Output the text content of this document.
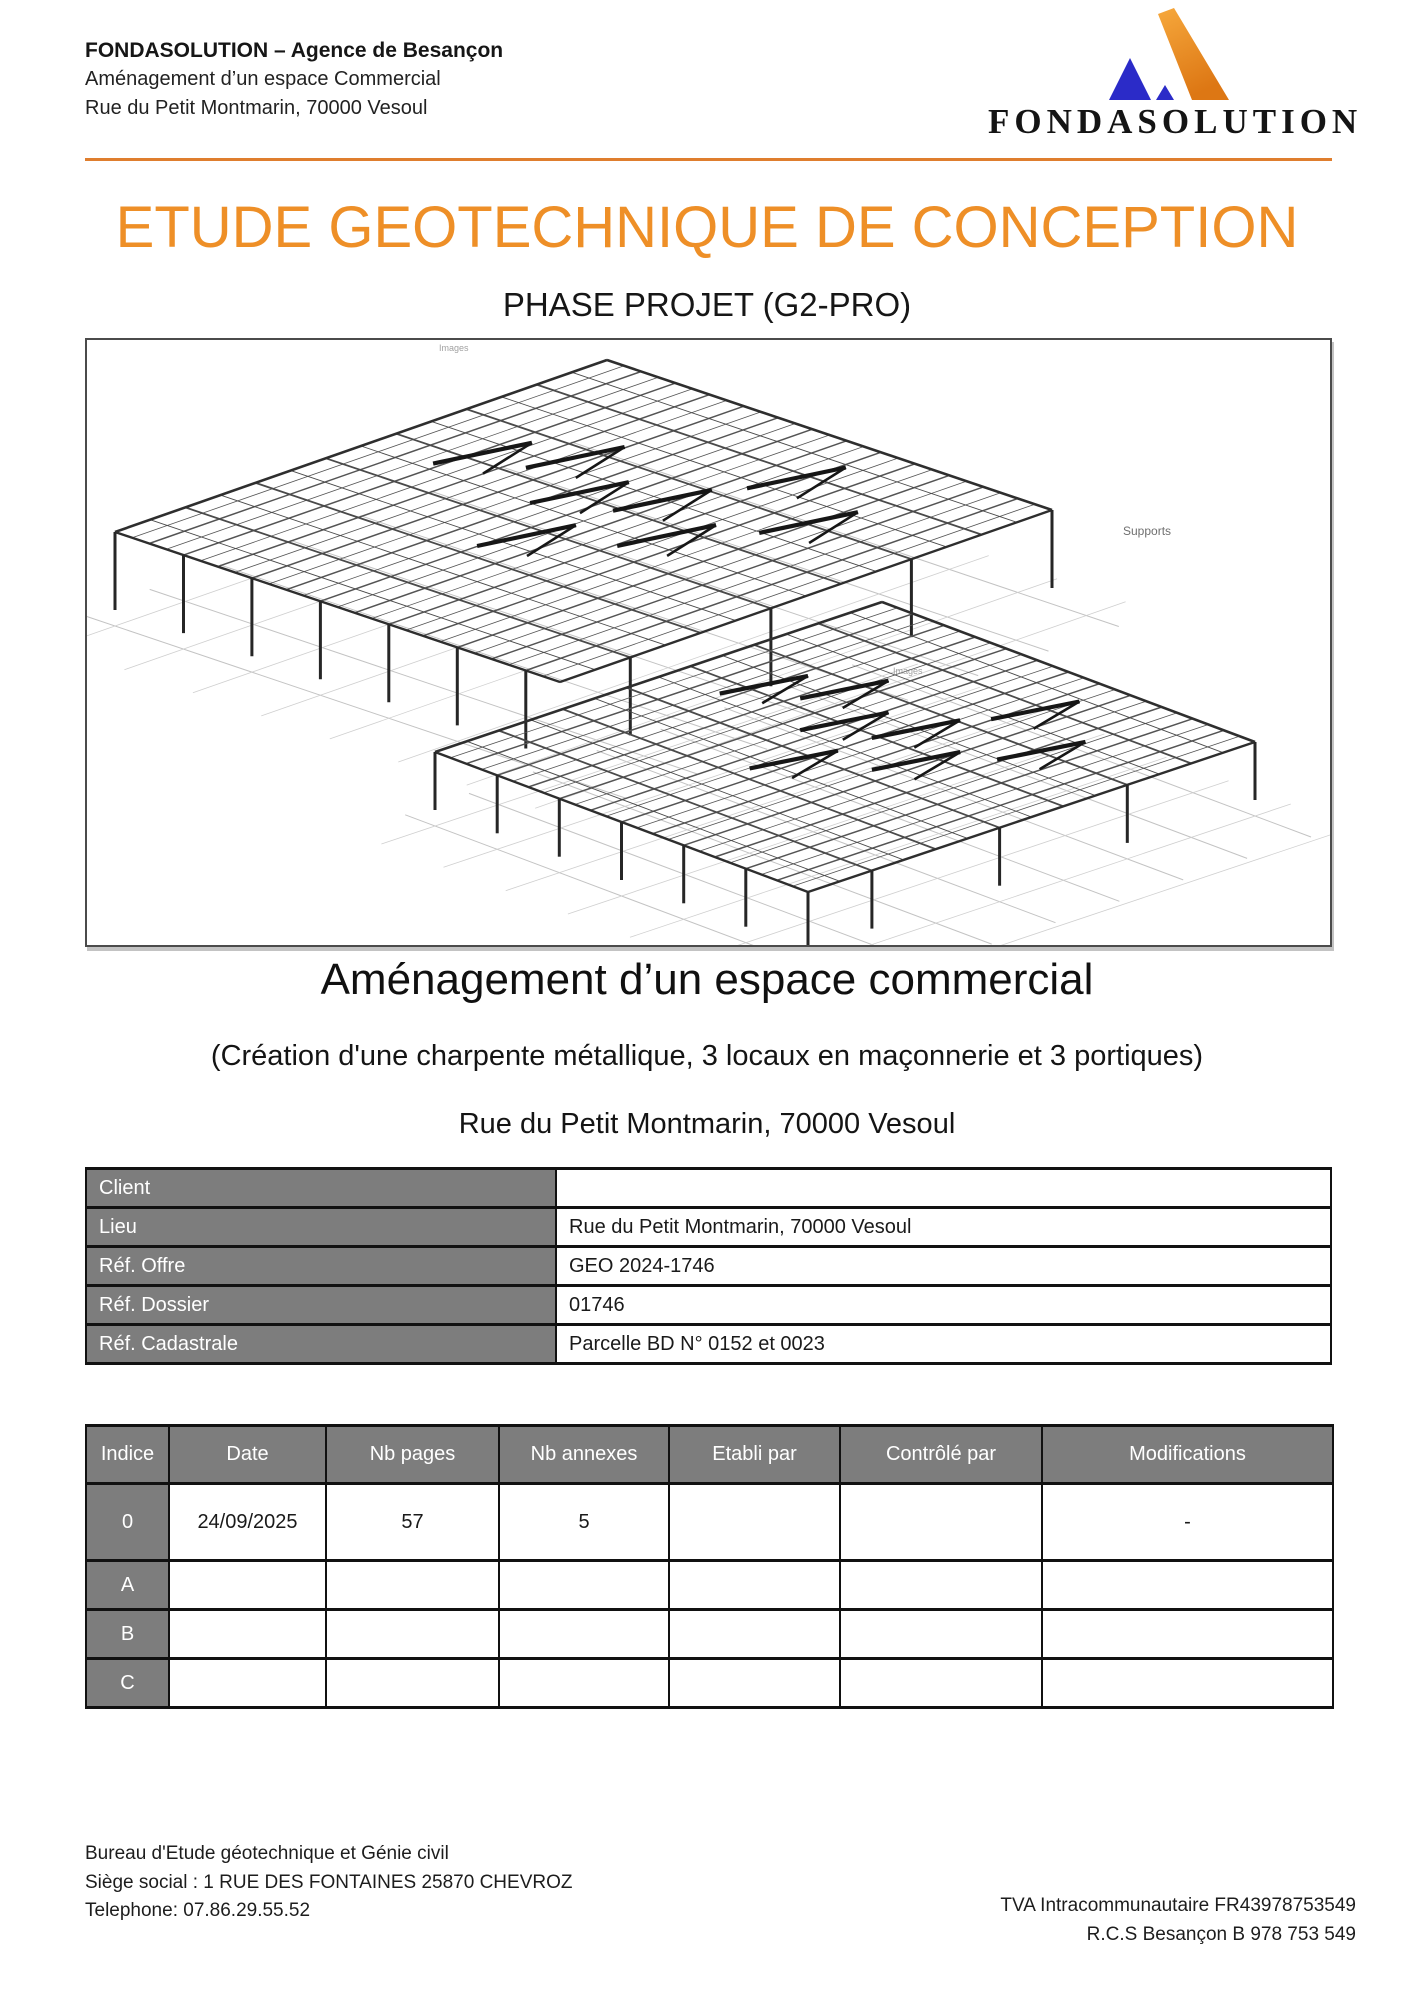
FONDASOLUTION – Agence de Besançon
Aménagement d’un espace Commercial
Rue du Petit Montmarin, 70000 Vesoul	FONDASOLUTION
ETUDE GEOTECHNIQUE DE CONCEPTION
PHASE PROJET (G2-PRO)
Images
Supports
Images
Aménagement d’un espace commercial
(Création d'une charpente métallique, 3 locaux en maçonnerie et 3 portiques)
Rue du Petit Montmarin, 70000 Vesoul
Client	
Lieu	Rue du Petit Montmarin, 70000 Vesoul
Réf. Offre	GEO 2024-1746
Réf. Dossier	01746
Réf. Cadastrale	Parcelle BD N° 0152 et 0023
Indice	Date	Nb pages	Nb annexes	Etabli par	Contrôlé par	Modifications
0	24/09/2025	57	5			-
A						
B						
C						
Bureau d'Etude géotechnique et Génie civil
Siège social : 1 RUE DES FONTAINES 25870 CHEVROZ
Telephone: 07.86.29.55.52	TVA Intracommunautaire FR43978753549
R.C.S Besançon B 978 753 549
